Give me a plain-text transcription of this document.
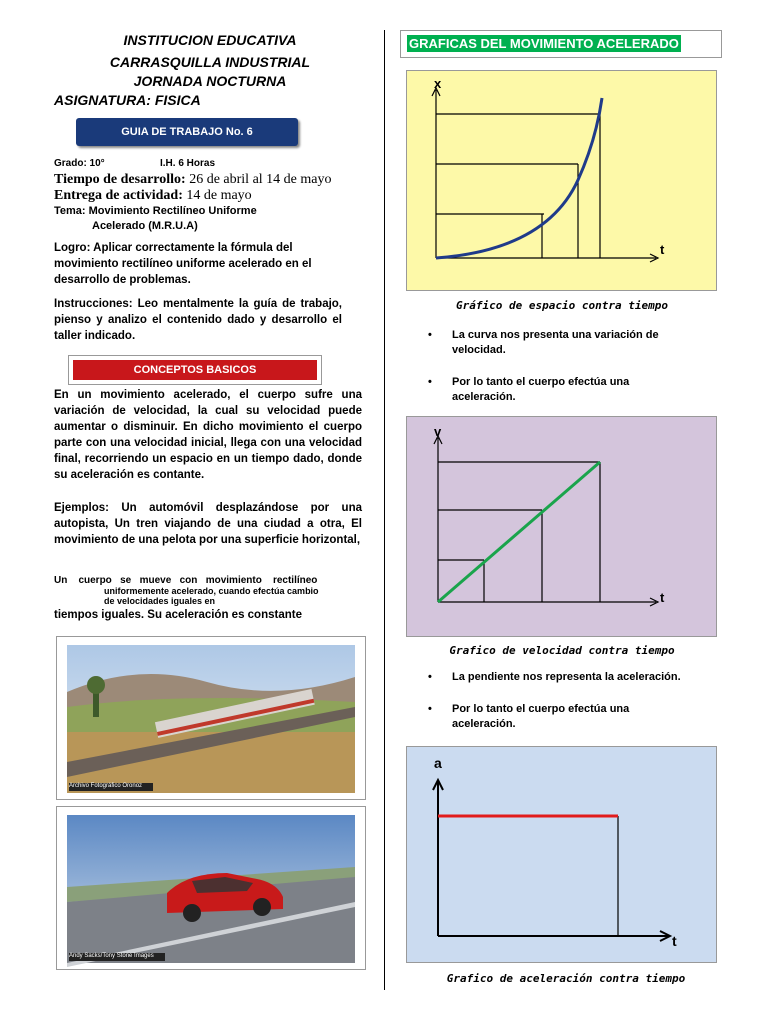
INSTITUCION EDUCATIVA
CARRASQUILLA INDUSTRIAL
JORNADA NOCTURNA
ASIGNATURA: FISICA
GUIA DE TRABAJO No. 6
Grado: 10°	I.H. 6 Horas
Tiempo de desarrollo: 26 de abril al 14 de mayo
Entrega de actividad: 14 de mayo
Tema: Movimiento Rectilíneo Uniforme
Acelerado (M.R.U.A)
Logro: Aplicar correctamente la fórmula del movimiento rectilíneo uniforme acelerado en el desarrollo de problemas.
Instrucciones: Leo mentalmente la guía de trabajo, pienso y analizo el contenido dado y desarrollo el taller indicado.
CONCEPTOS BASICOS
En un movimiento acelerado, el cuerpo sufre una variación de velocidad, la cual su velocidad puede aumentar o disminuir. En dicho movimiento el cuerpo parte con una velocidad inicial, llega con una velocidad final, recorriendo un espacio en un tiempo dado, donde su aceleración es contante.
Ejemplos: Un automóvil desplazándose por una autopista, Un tren viajando de una ciudad a otra, El movimiento de una pelota por una superficie horizontal,
Un    cuerpo   se   mueve   con   movimiento    rectilíneo
uniformemente acelerado, cuando efectúa cambio
de velocidades iguales en
tiempos iguales. Su aceleración es constante
Archivo Fotográfico Oronoz
Andy Sacks/Tony Stone Images
GRAFICAS DEL MOVIMIENTO ACELERADO
x
t
Gráfico de espacio contra tiempo
• La curva nos presenta una variación de velocidad.
• Por lo tanto el cuerpo efectúa una aceleración.
v
t
Grafico de velocidad contra tiempo
• La pendiente nos representa la aceleración.
• Por lo tanto el cuerpo efectúa una aceleración.
a
t
Grafico de aceleración contra tiempo
